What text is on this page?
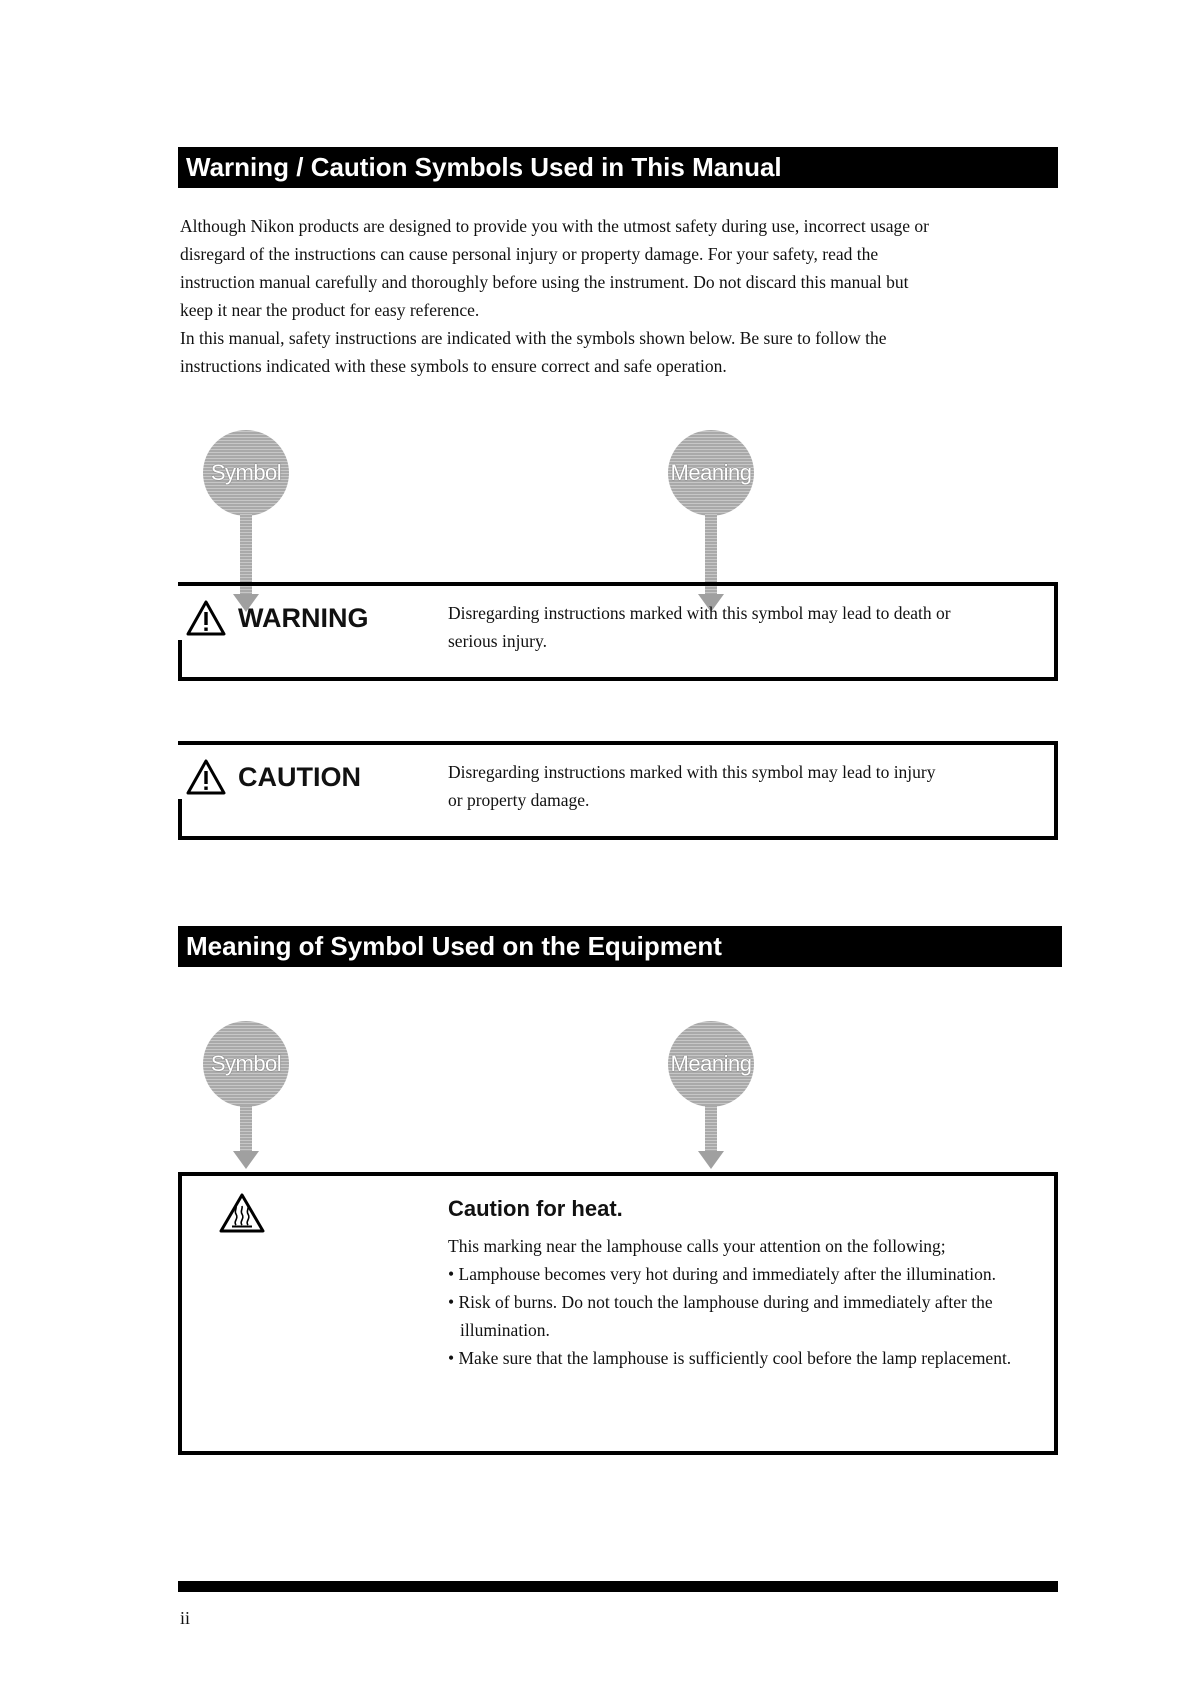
Warning / Caution Symbols Used in This Manual

Although Nikon products are designed to provide you with the utmost safety during use, incorrect usage or

disregard of the instructions can cause personal injury or property damage. For your safety, read the

instruction manual carefully and thoroughly before using the instrument. Do not discard this manual but

keep it near the product for easy reference.

In this manual, safety instructions are indicated with the symbols shown below. Be sure to follow the

instructions indicated with these symbols to ensure correct and safe operation.

Symbol	Meaning
WARNING	Disregarding instructions marked with this symbol may lead to death or
serious injury.
CAUTION	Disregarding instructions marked with this symbol may lead to injury
or property damage.
Meaning of Symbol Used on the Equipment
Symbol	Meaning
Caution for heat.

This marking near the lamphouse calls your attention on the following;

• Lamphouse becomes very hot during and immediately after the illumination.

• Risk of burns. Do not touch the lamphouse during and immediately after the illumination.

• Make sure that the lamphouse is sufficiently cool before the lamp replacement.

ii
